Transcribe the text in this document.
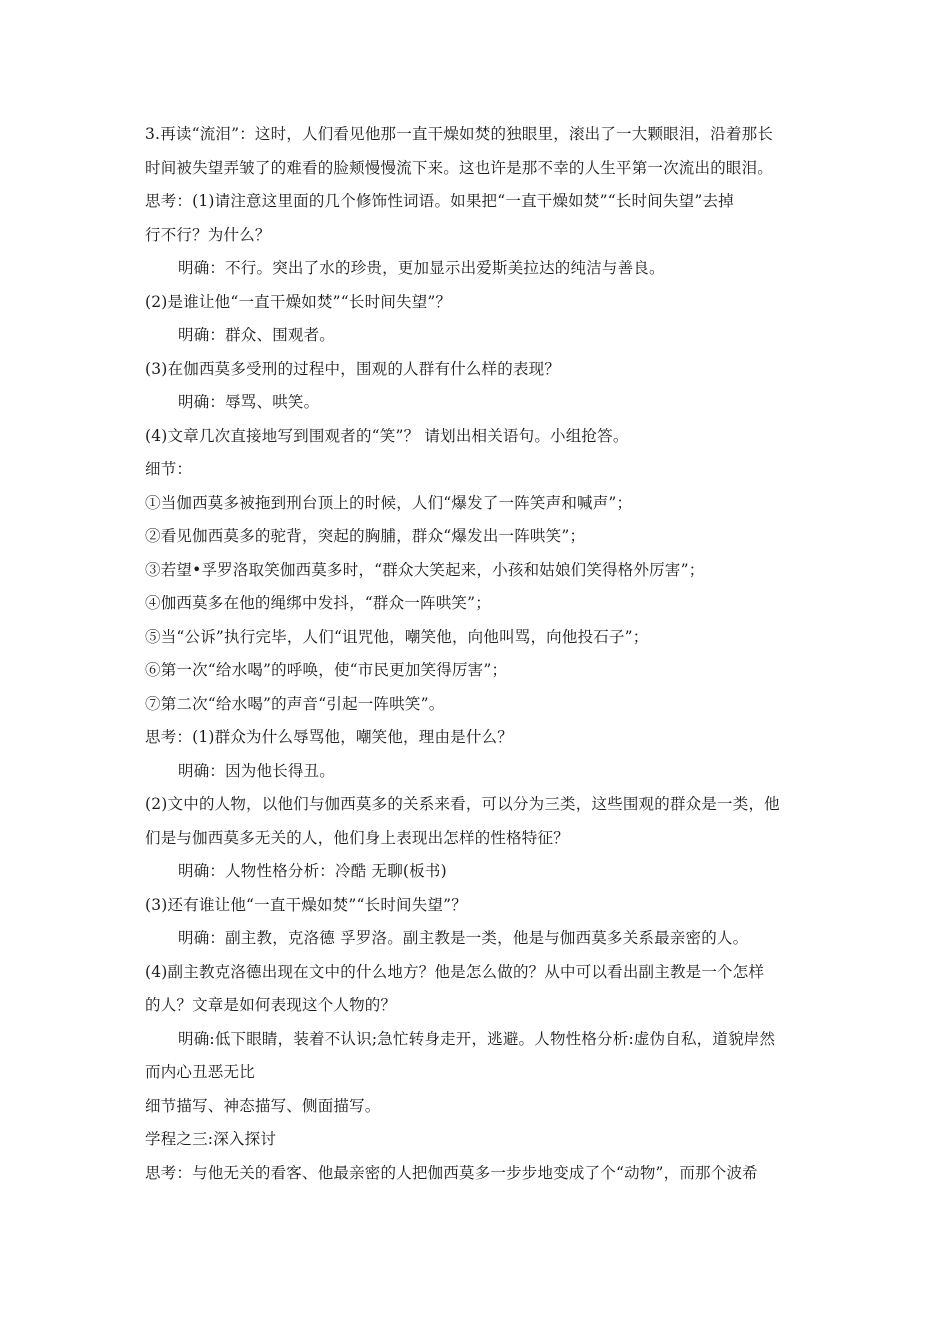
3.再读“流泪”：这时，人们看见他那一直干燥如焚的独眼里，滚出了一大颗眼泪，沿着那长
时间被失望弄皱了的难看的脸颊慢慢流下来。这也许是那不幸的人生平第一次流出的眼泪。
思考：(1)请注意这里面的几个修饰性词语。如果把“一直干燥如焚”“长时间失望”去掉
行不行？为什么？
明确：不行。突出了水的珍贵，更加显示出爱斯美拉达的纯洁与善良。
(2)是谁让他“一直干燥如焚”“长时间失望”？
明确：群众、围观者。
(3)在伽西莫多受刑的过程中，围观的人群有什么样的表现？
明确：辱骂、哄笑。
(4)文章几次直接地写到围观者的“笑”？ 请划出相关语句。小组抢答。
细节：
①当伽西莫多被拖到刑台顶上的时候，人们“爆发了一阵笑声和喊声”；
②看见伽西莫多的驼背，突起的胸脯，群众“爆发出一阵哄笑”；
③若望•孚罗洛取笑伽西莫多时，“群众大笑起来，小孩和姑娘们笑得格外厉害”；
④伽西莫多在他的绳绑中发抖，“群众一阵哄笑”；
⑤当“公诉”执行完毕，人们“诅咒他，嘲笑他，向他叫骂，向他投石子”；
⑥第一次“给水喝”的呼唤，使“市民更加笑得厉害”；
⑦第二次“给水喝”的声音“引起一阵哄笑”。
思考：(1)群众为什么辱骂他，嘲笑他，理由是什么？
明确：因为他长得丑。
(2)文中的人物，以他们与伽西莫多的关系来看，可以分为三类，这些围观的群众是一类，他
们是与伽西莫多无关的人，他们身上表现出怎样的性格特征？
明确：人物性格分析：冷酷 无聊(板书)
(3)还有谁让他“一直干燥如焚”“长时间失望”？
明确：副主教，克洛德 孚罗洛。副主教是一类，他是与伽西莫多关系最亲密的人。
(4)副主教克洛德出现在文中的什么地方？他是怎么做的？从中可以看出副主教是一个怎样
的人？文章是如何表现这个人物的？
明确:低下眼睛，装着不认识;急忙转身走开，逃避。人物性格分析:虚伪自私，道貌岸然
而内心丑恶无比
细节描写、神态描写、侧面描写。
学程之三:深入探讨
思考：与他无关的看客、他最亲密的人把伽西莫多一步步地变成了个“动物”，而那个波希
